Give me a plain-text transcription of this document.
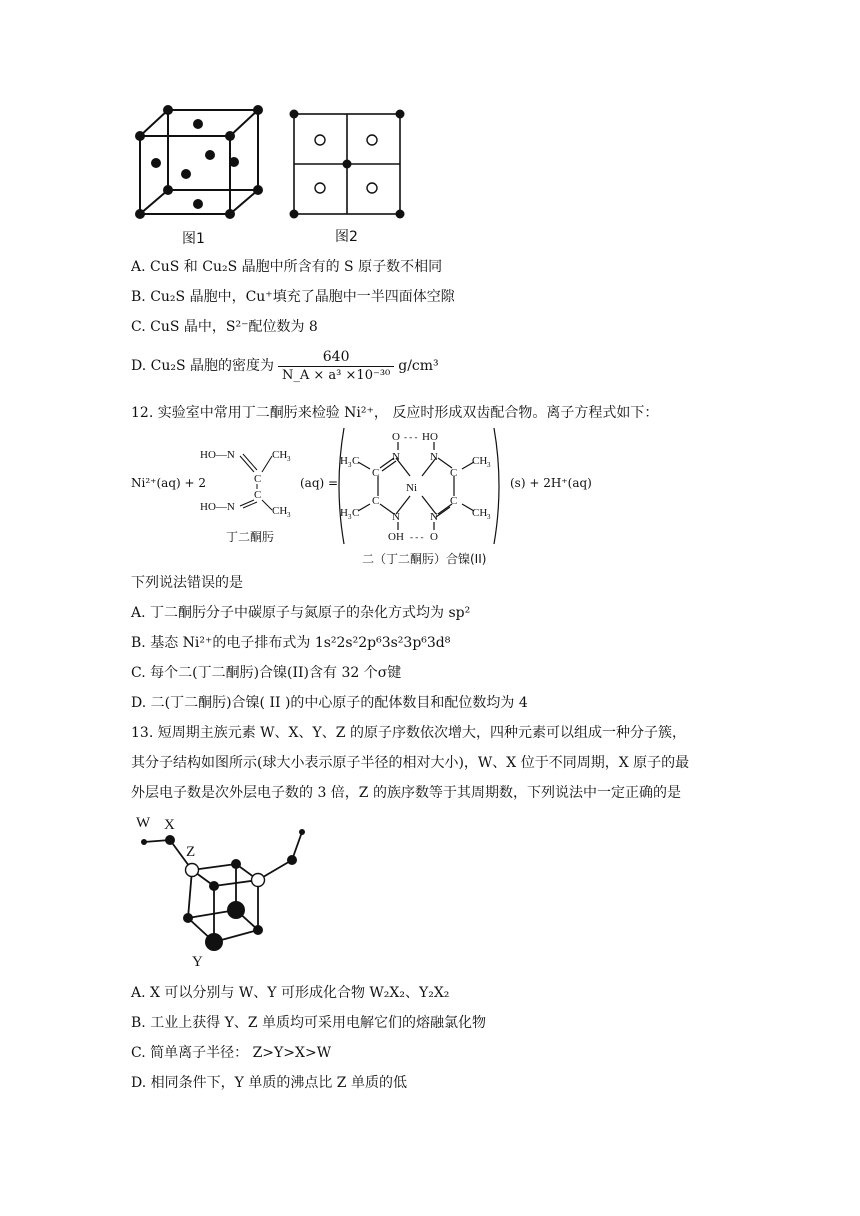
图1	图2
A. CuS 和 Cu₂S 晶胞中所含有的 S 原子数不相同
B. Cu₂S 晶胞中，Cu⁺填充了晶胞中一半四面体空隙
C. CuS 晶中，S²⁻配位数为 8
D. Cu₂S 晶胞的密度为 $\frac{640}{\text{N\_A × a³ ×10⁻³⁰}} g/cm^3$
12. 实验室中常用丁二酮肟来检验 Ni²⁺， 反应时形成双齿配合物。离子方程式如下：
Ni²⁺(aq) + 2
HO—N
HO—N
C
C
CH 3
CH 3
丁二酮肟
(aq) =
O - - - HO
N	N
Ni
N	N
OH - - - O
C
C
C
C
H 3 C
H 3 C
CH 3
CH 3
二（丁二酮肟）合镍(II)
(s) + 2H⁺(aq)
下列说法错误的是
A. 丁二酮肟分子中碳原子与氮原子的杂化方式均为 sp²
B. 基态 Ni²⁺的电子排布式为 1s²2s²2p⁶3s²3p⁶3d⁸
C. 每个二(丁二酮肟)合镍(II)含有 32 个σ键
D. 二(丁二酮肟)合镍( II )的中心原子的配体数目和配位数均为 4
13. 短周期主族元素 W、X、Y、Z 的原子序数依次增大，四种元素可以组成一种分子簇，
其分子结构如图所示(球大小表示原子半径的相对大小)，W、X 位于不同周期，X 原子的最
外层电子数是次外层电子数的 3 倍，Z 的族序数等于其周期数，下列说法中一定正确的是
W X
Z
Y
A. X 可以分别与 W、Y 可形成化合物 W₂X₂、Y₂X₂
B. 工业上获得 Y、Z 单质均可采用电解它们的熔融氯化物
C. 简单离子半径： Z>Y>X>W
D. 相同条件下，Y 单质的沸点比 Z 单质的低
